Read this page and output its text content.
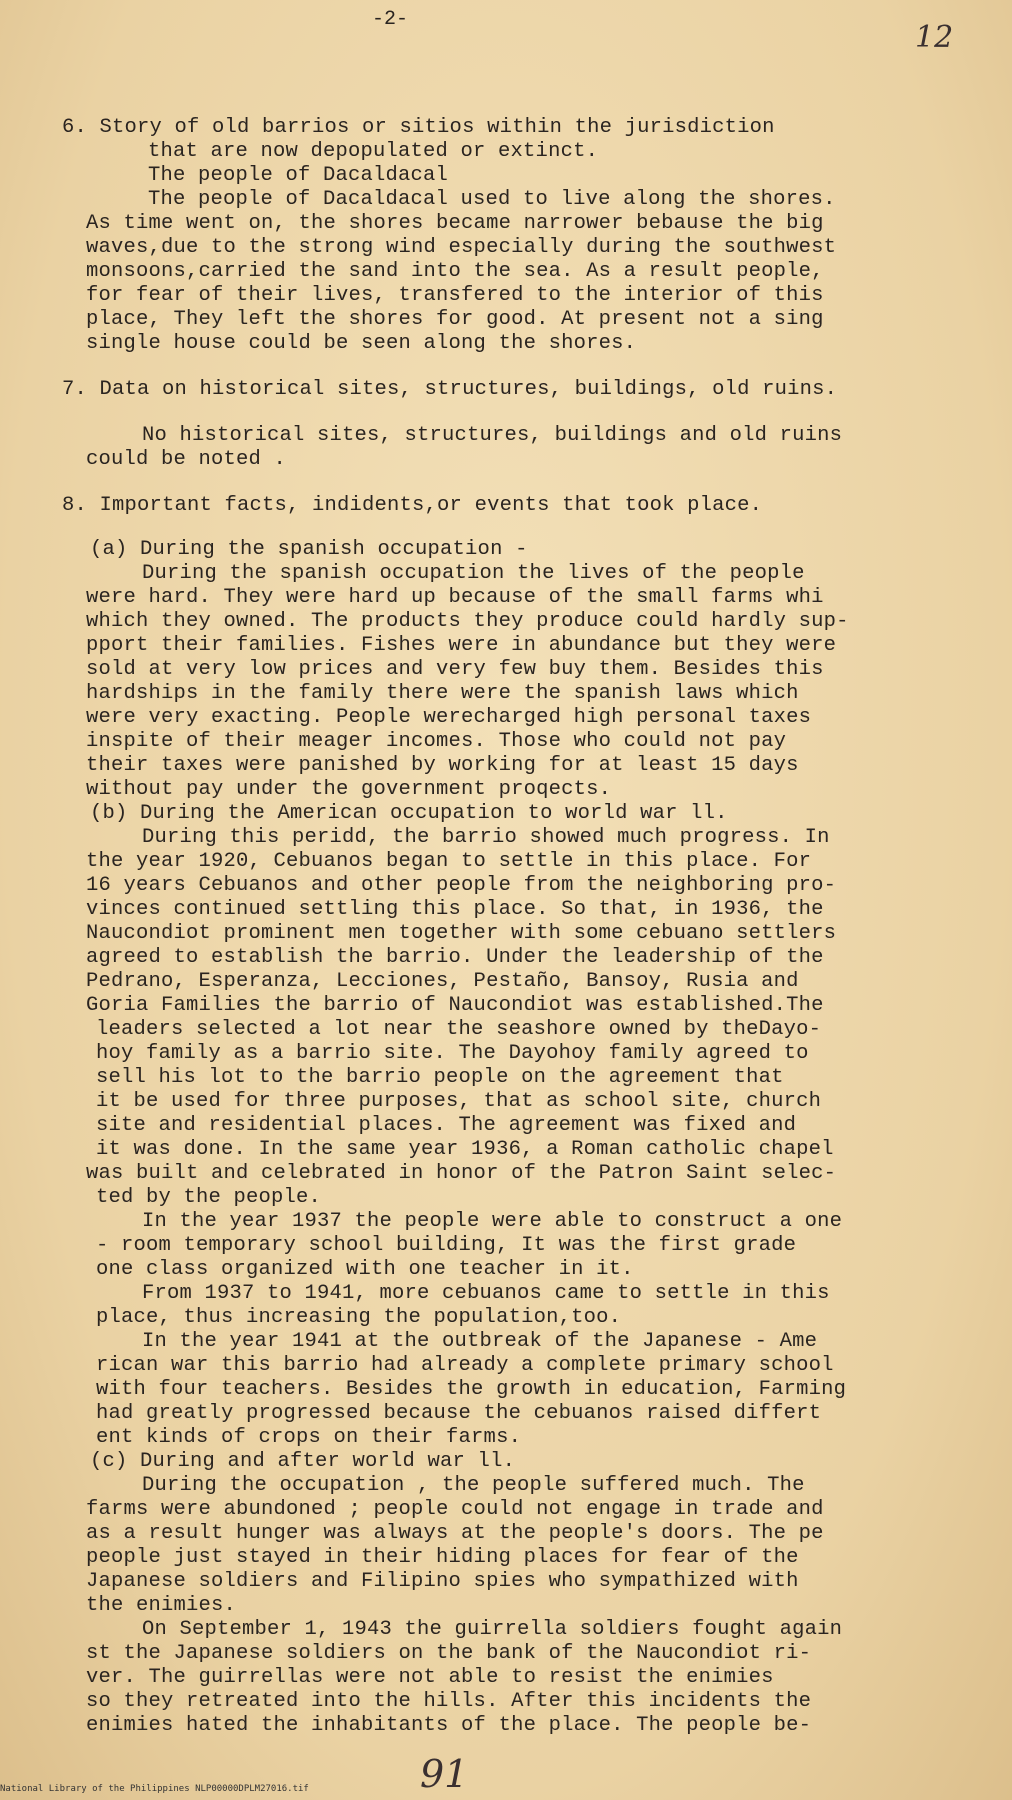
-2-
12
6. Story of old barrios or sitios within the jurisdiction
that are now depopulated or extinct.
The people of Dacaldacal
The people of Dacaldacal used to live along the shores.
As time went on, the shores became narrower bebause the big
waves,due to the strong wind especially during the southwest
monsoons,carried the sand into the sea. As a result people,
for fear of their lives, transfered to the interior of this
place, They left the shores for good. At present not a sing
single house could be seen along the shores.
7. Data on historical sites, structures, buildings, old ruins.
No historical sites, structures, buildings and old ruins
could be noted .
8. Important facts, indidents,or events that took place.
(a) During the spanish occupation -
During the spanish occupation the lives of the people
were hard. They were hard up because of the small farms whi
which they owned. The products they produce could hardly sup-
pport their families. Fishes were in abundance but they were
sold at very low prices and very few buy them. Besides this
hardships in the family there were the spanish laws which
were very exacting. People werecharged high personal taxes
inspite of their meager incomes. Those who could not pay
their taxes were panished by working for at least 15 days
without pay under the government proqects.
(b) During the American occupation to world war ll.
During this peridd, the barrio showed much progress. In
the year 1920, Cebuanos began to settle in this place. For
16 years Cebuanos and other people from the neighboring pro-
vinces continued settling this place. So that, in 1936, the
Naucondiot prominent men together with some cebuano settlers
agreed to establish the barrio. Under the leadership of the
Pedrano, Esperanza, Lecciones, Pestaño, Bansoy, Rusia and
Goria Families the barrio of Naucondiot was established.The
leaders selected a lot near the seashore owned by theDayo-
hoy family as a barrio site. The Dayohoy family agreed to
sell his lot to the barrio people on the agreement that
it be used for three purposes, that as school site, church
site and residential places. The agreement was fixed and
it was done. In the same year 1936, a Roman catholic chapel
was built and celebrated in honor of the Patron Saint selec-
ted by the people.
In the year 1937 the people were able to construct a one
- room temporary school building, It was the first grade
one class organized with one teacher in it.
From 1937 to 1941, more cebuanos came to settle in this
place, thus increasing the population,too.
In the year 1941 at the outbreak of the Japanese - Ame
rican war this barrio had already a complete primary school
with four teachers. Besides the growth in education, Farming
had greatly progressed because the cebuanos raised differt
ent kinds of crops on their farms.
(c) During and after world war ll.
During the occupation , the people suffered much. The
farms were abundoned ; people could not engage in trade and
as a result hunger was always at the people's doors. The pe
people just stayed in their hiding places for fear of the
Japanese soldiers and Filipino spies who sympathized with
the enimies.
On September 1, 1943 the guirrella soldiers fought again
st the Japanese soldiers on the bank of the Naucondiot ri-
ver. The guirrellas were not able to resist the enimies
so they retreated into the hills. After this incidents the
enimies hated the inhabitants of the place. The people be-
91
National Library of the Philippines NLP00000DPLM27016.tif
